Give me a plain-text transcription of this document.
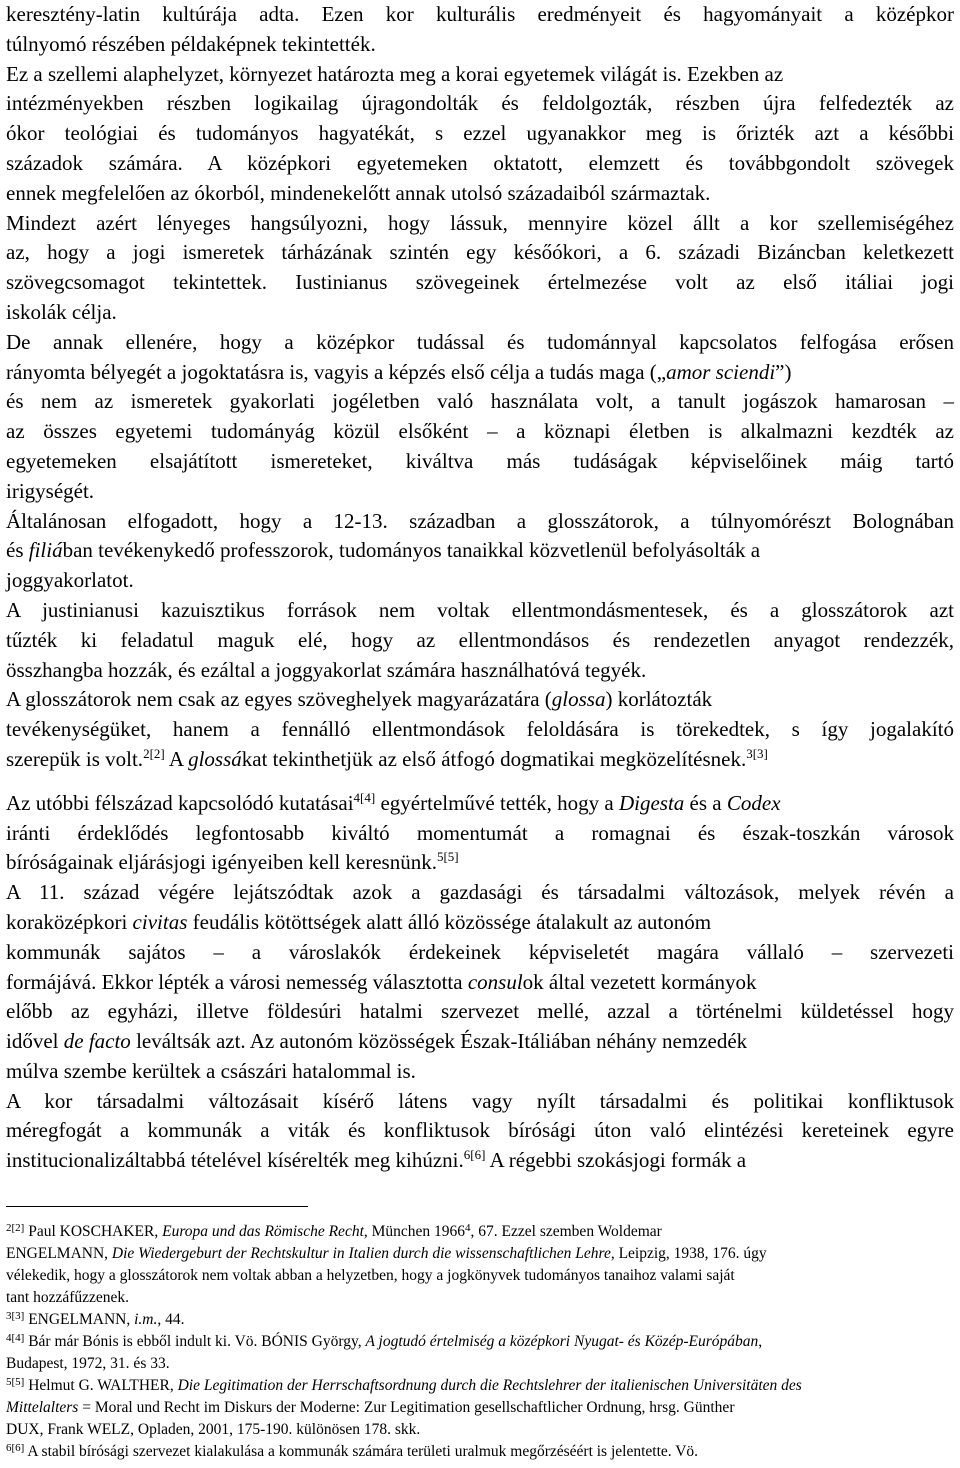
keresztény-latin kultúrája adta. Ezen kor kulturális eredményeit és hagyományait a középkor
túlnyomó részében példaképnek tekintették.
Ez a szellemi alaphelyzet, környezet határozta meg a korai egyetemek világát is. Ezekben az
intézményekben részben logikailag újragondolták és feldolgozták, részben újra felfedezték az
ókor teológiai és tudományos hagyatékát, s ezzel ugyanakkor meg is őrizték azt a későbbi
századok számára. A középkori egyetemeken oktatott, elemzett és továbbgondolt szövegek
ennek megfelelően az ókorból, mindenekelőtt annak utolsó századaiból származtak.
Mindezt azért lényeges hangsúlyozni, hogy lássuk, mennyire közel állt a kor szellemiségéhez
az, hogy a jogi ismeretek tárházának szintén egy későókori, a 6. századi Bizáncban keletkezett
szövegcsomagot tekintettek. Iustinianus szövegeinek értelmezése volt az első itáliai jogi
iskolák célja.
De annak ellenére, hogy a középkor tudással és tudománnyal kapcsolatos felfogása erősen
rányomta bélyegét a jogoktatásra is, vagyis a képzés első célja a tudás maga („amor sciendi”)
és nem az ismeretek gyakorlati jogéletben való használata volt, a tanult jogászok hamarosan –
az összes egyetemi tudományág közül elsőként – a köznapi életben is alkalmazni kezdték az
egyetemeken elsajátított ismereteket, kiváltva más tudáságak képviselőinek máig tartó
irigységét.
Általánosan elfogadott, hogy a 12-13. században a glosszátorok, a túlnyomórészt Bolognában
és filiában tevékenykedő professzorok, tudományos tanaikkal közvetlenül befolyásolták a
joggyakorlatot.
A justinianusi kazuisztikus források nem voltak ellentmondásmentesek, és a glosszátorok azt
tűzték ki feladatul maguk elé, hogy az ellentmondásos és rendezetlen anyagot rendezzék,
összhangba hozzák, és ezáltal a joggyakorlat számára használhatóvá tegyék.
A glosszátorok nem csak az egyes szöveghelyek magyarázatára (glossa) korlátozták
tevékenységüket, hanem a fennálló ellentmondások feloldására is törekedtek, s így jogalakító
szerepük is volt.$^{2[2]}$ A glossákat tekinthetjük az első átfogó dogmatikai megközelítésnek.$^{3[3]}$
Az utóbbi félszázad kapcsolódó kutatásai$^{4[4]}$ egyértelművé tették, hogy a Digesta és a Codex
iránti érdeklődés legfontosabb kiváltó momentumát a romagnai és észak-toszkán városok
bíróságainak eljárásjogi igényeiben kell keresnünk.$^{5[5]}$
A 11. század végére lejátszódtak azok a gazdasági és társadalmi változások, melyek révén a
koraközépkori civitas feudális kötöttségek alatt álló közössége átalakult az autonóm
kommunák sajátos – a városlakók érdekeinek képviseletét magára vállaló – szervezeti
formájává. Ekkor lépték a városi nemesség választotta consulok által vezetett kormányok
előbb az egyházi, illetve földesúri hatalmi szervezet mellé, azzal a történelmi küldetéssel hogy
idővel de facto leváltsák azt. Az autonóm közösségek Észak-Itáliában néhány nemzedék
múlva szembe kerültek a császári hatalommal is.
A kor társadalmi változásait kísérő látens vagy nyílt társadalmi és politikai konfliktusok
méregfogát a kommunák a viták és konfliktusok bírósági úton való elintézési kereteinek egyre
institucionalizáltabbá tételével kísérelték meg kihúzni.$^{6[6]}$ A régebbi szokásjogi formák a
$^{2[2]}$ Paul KOSCHAKER, Europa und das Römische Recht, München 1966$^4$, 67. Ezzel szemben Woldemar
ENGELMANN, Die Wiedergeburt der Rechtskultur in Italien durch die wissenschaftlichen Lehre, Leipzig, 1938, 176. úgy
vélekedik, hogy a glosszátorok nem voltak abban a helyzetben, hogy a jogkönyvek tudományos tanaihoz valami saját
tant hozzáfűzzenek.
$^{3[3]}$ ENGELMANN, i.m., 44.
$^{4[4]}$ Bár már Bónis is ebből indult ki. Vö. BÓNIS György, A jogtudó értelmiség a középkori Nyugat- és Közép-Európában,
Budapest, 1972, 31. és 33.
$^{5[5]}$ Helmut G. WALTHER, Die Legitimation der Herrschaftsordnung durch die Rechtslehrer der italienischen Universitäten des
Mittelalters = Moral und Recht im Diskurs der Moderne: Zur Legitimation gesellschaftlicher Ordnung, hrsg. Günther
DUX, Frank WELZ, Opladen, 2001, 175-190. különösen 178. skk.
$^{6[6]}$ A stabil bírósági szervezet kialakulása a kommunák számára területi uralmuk megőrzéséért is jelentette. Vö.
